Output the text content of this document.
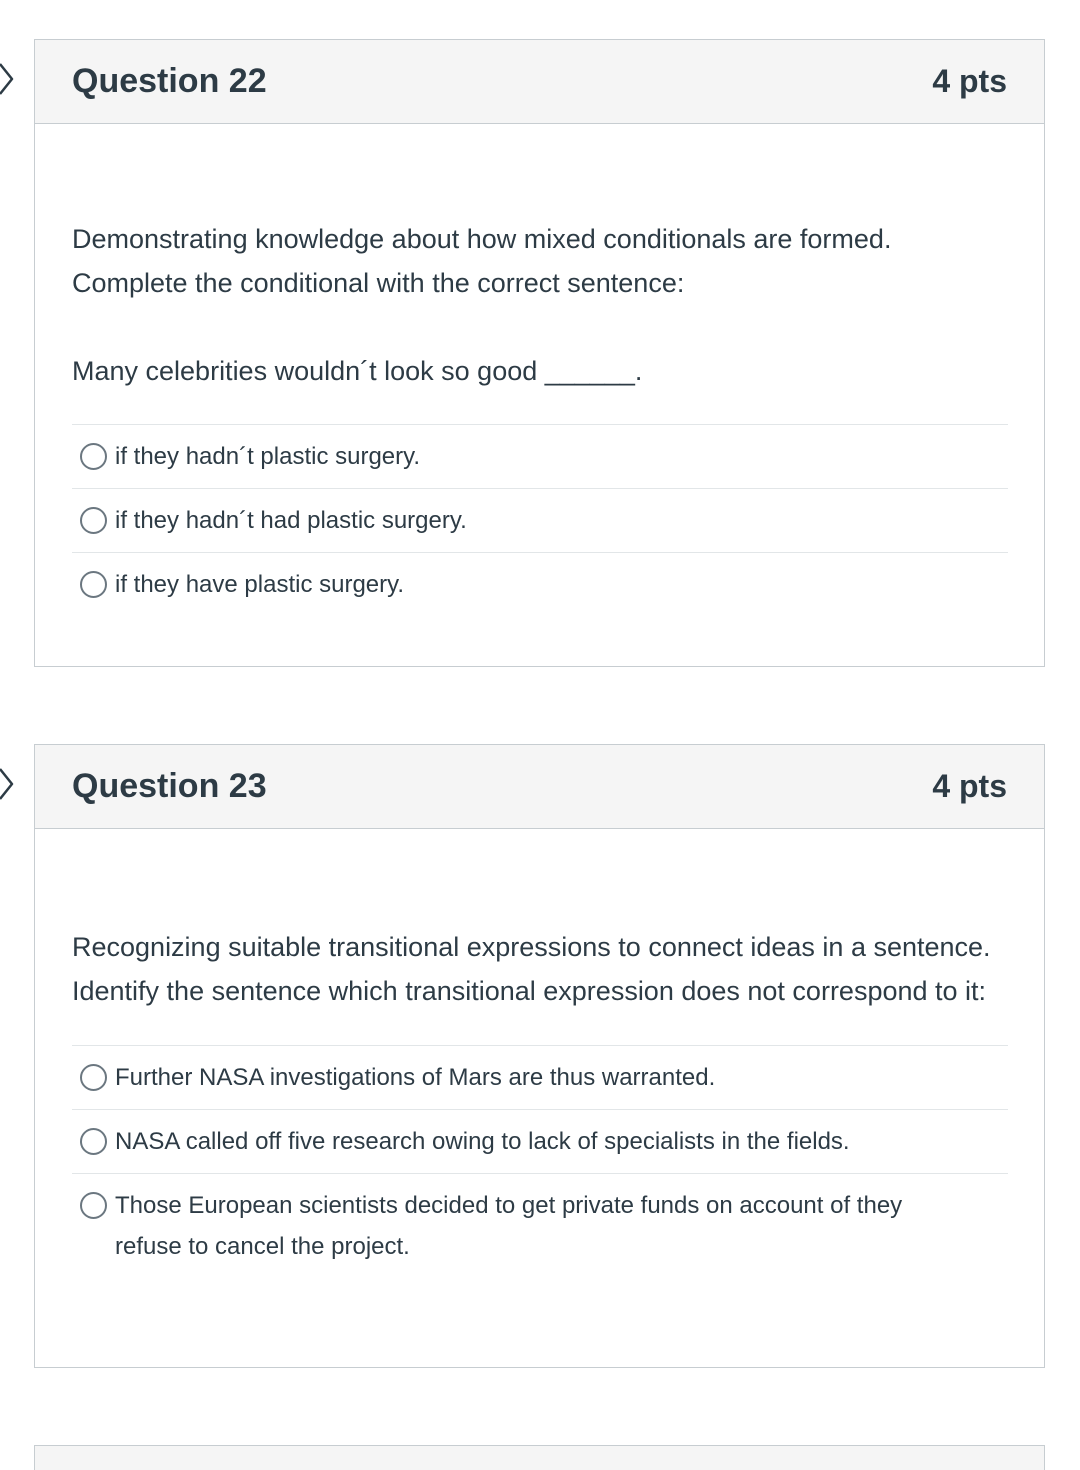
Question 22	4 pts

Demonstrating knowledge about how mixed conditionals are formed.

Complete the conditional with the correct sentence:

Many celebrities wouldn´t look so good ______.

if they hadn´t plastic surgery.
if they hadn´t had plastic surgery.
if they have plastic surgery.
Question 23	4 pts

Recognizing suitable transitional expressions to connect ideas in a sentence. Identify the sentence which transitional expression does not correspond to it:

Further NASA investigations of Mars are thus warranted.
NASA called off five research owing to lack of specialists in the fields.
Those European scientists decided to get private funds on account of they refuse to cancel the project.
